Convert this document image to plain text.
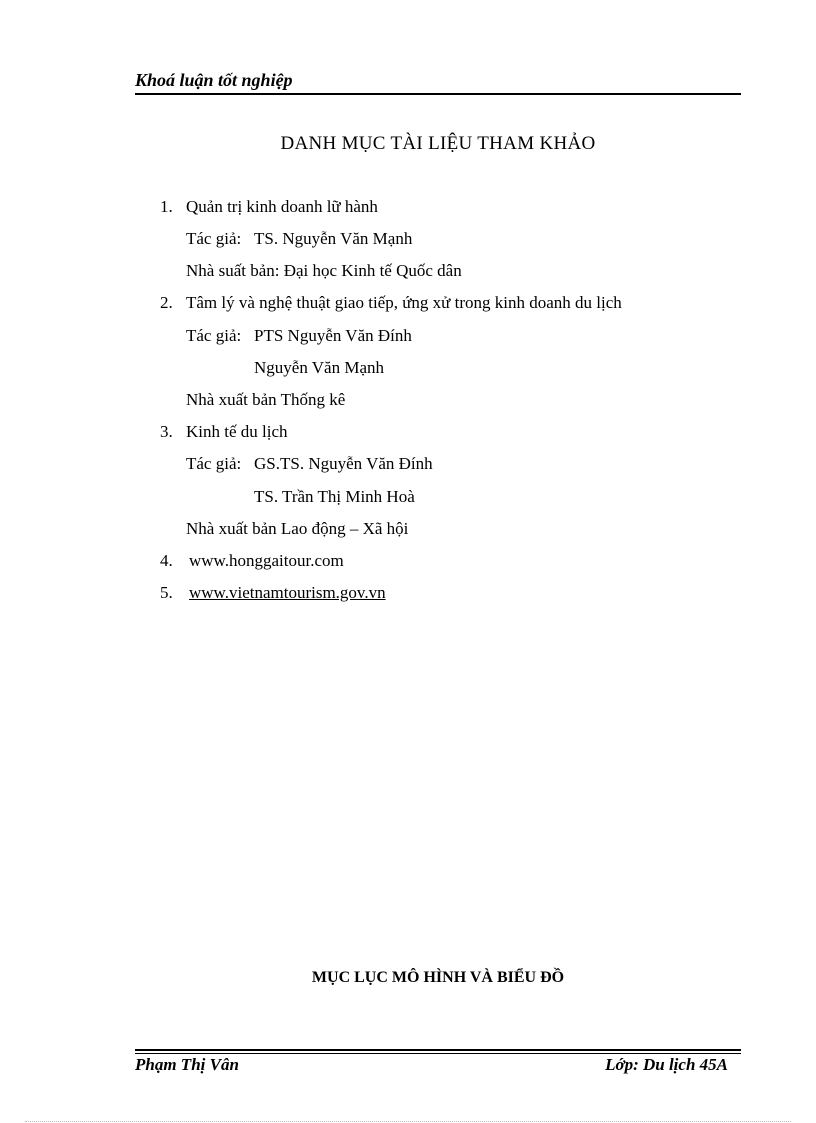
Khoá luận tốt nghiệp
DANH MỤC TÀI LIỆU THAM KHẢO
1. Quản trị kinh doanh lữ hành
Tác giả: TS. Nguyễn Văn Mạnh
Nhà suất bản: Đại học Kinh tế Quốc dân
2. Tâm lý và nghệ thuật giao tiếp, ứng xử trong kinh doanh du lịch
Tác giả: PTS Nguyễn Văn Đính
Nguyễn Văn Mạnh
Nhà xuất bản Thống kê
3. Kinh tế du lịch
Tác giả: GS.TS. Nguyễn Văn Đính
TS. Trần Thị Minh Hoà
Nhà xuất bản Lao động – Xã hội
4. www.honggaitour.com
5. www.vietnamtourism.gov.vn
MỤC LỤC MÔ HÌNH VÀ BIỂU ĐỒ
Phạm Thị Vân	Lớp: Du lịch 45A
